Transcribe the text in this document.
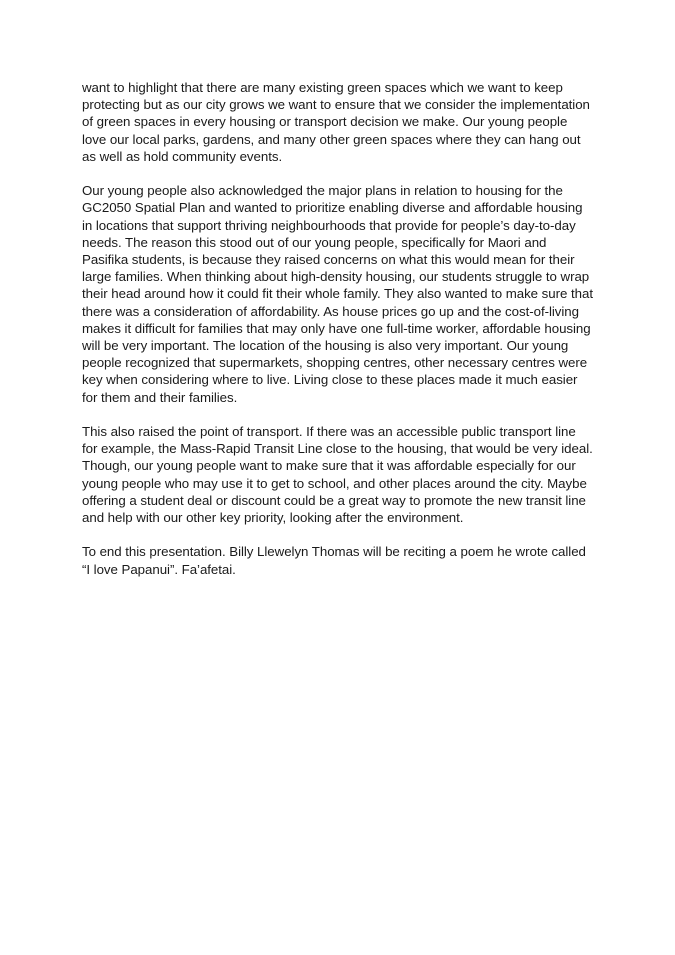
want to highlight that there are many existing green spaces which we want to keep protecting but as our city grows we want to ensure that we consider the implementation of green spaces in every housing or transport decision we make. Our young people love our local parks, gardens, and many other green spaces where they can hang out as well as hold community events.

Our young people also acknowledged the major plans in relation to housing for the GC2050 Spatial Plan and wanted to prioritize enabling diverse and affordable housing in locations that support thriving neighbourhoods that provide for people’s day-to-day needs. The reason this stood out of our young people, specifically for Maori and Pasifika students, is because they raised concerns on what this would mean for their large families. When thinking about high-density housing, our students struggle to wrap their head around how it could fit their whole family. They also wanted to make sure that there was a consideration of affordability. As house prices go up and the cost-of-living makes it difficult for families that may only have one full-time worker, affordable housing will be very important. The location of the housing is also very important. Our young people recognized that supermarkets, shopping centres, other necessary centres were key when considering where to live. Living close to these places made it much easier for them and their families.

This also raised the point of transport. If there was an accessible public transport line for example, the Mass-Rapid Transit Line close to the housing, that would be very ideal. Though, our young people want to make sure that it was affordable especially for our young people who may use it to get to school, and other places around the city. Maybe offering a student deal or discount could be a great way to promote the new transit line and help with our other key priority, looking after the environment.

To end this presentation. Billy Llewelyn Thomas will be reciting a poem he wrote called “I love Papanui”. Fa’afetai.
